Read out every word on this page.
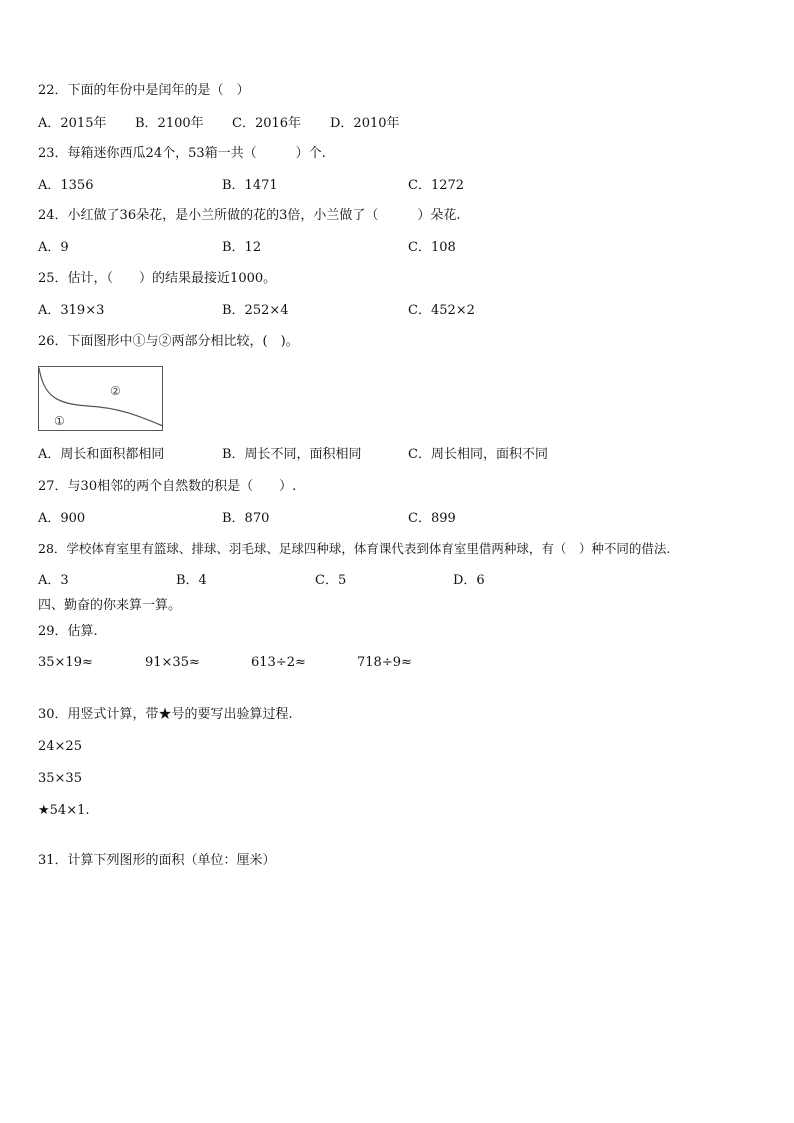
22．下面的年份中是闰年的是（　）
A．2015年 B．2100年 C．2016年 D．2010年
23．每箱迷你西瓜24个，53箱一共（　　　）个.
A．1356	B．1471	C．1272
24．小红做了36朵花，是小兰所做的花的3倍，小兰做了（　　　）朵花.
A．9	B．12	C．108
25．估计，（　　）的结果最接近1000。
A．319×3	B．252×4	C．452×2
26．下面图形中①与②两部分相比较，(　)。
①
②
A．周长和面积都相同	B．周长不同，面积相同	C．周长相同，面积不同
27．与30相邻的两个自然数的积是（　　）.
A．900	B．870	C．899
28．学校体育室里有篮球、排球、羽毛球、足球四种球，体育课代表到体育室里借两种球，有（　）种不同的借法.
A．3	B．4	C．5	D．6
四、勤奋的你来算一算。
29．估算.
35×19≈	91×35≈	613÷2≈	718÷9≈
30．用竖式计算，带★号的要写出验算过程.
24×25
35×35
★54×1.
31．计算下列图形的面积（单位：厘米）
